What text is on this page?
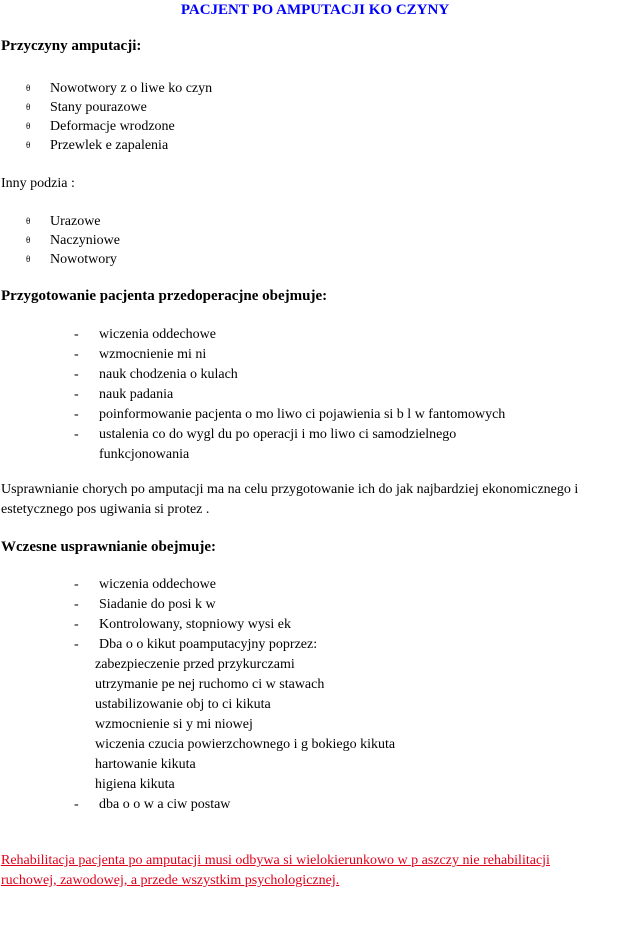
PACJENT PO AMPUTACJI KO CZYNY
Przyczyny amputacji:
θ Nowotwory z o liwe ko czyn
θ Stany pourazowe
θ Deformacje wrodzone
θ Przewlek e zapalenia
Inny podzia :
θ Urazowe
θ Naczyniowe
θ Nowotwory
Przygotowanie pacjenta przedoperacjne obejmuje:
- wiczenia oddechowe
- wzmocnienie mi ni
- nauk chodzenia o kulach
- nauk padania
- poinformowanie pacjenta o mo liwo ci pojawienia si b l w fantomowych
- ustalenia co do wygl du po operacji i mo liwo ci samodzielnego funkcjonowania
Usprawnianie chorych po amputacji ma na celu przygotowanie ich do jak najbardziej ekonomicznego i estetycznego pos ugiwania si protez .
Wczesne usprawnianie obejmuje:
- wiczenia oddechowe
- Siadanie do posi k w
- Kontrolowany, stopniowy wysi ek
- Dba o o kikut poamputacyjny poprzez:
zabezpieczenie przed przykurczami
utrzymanie pe nej ruchomo ci w stawach
ustabilizowanie obj to ci kikuta
wzmocnienie si y mi niowej
wiczenia czucia powierzchownego i g bokiego kikuta
hartowanie kikuta
higiena kikuta
- dba o o w a ciw postaw
Rehabilitacja pacjenta po amputacji musi odbywa si wielokierunkowo w p aszczy nie rehabilitacji ruchowej, zawodowej, a przede wszystkim psychologicznej.
